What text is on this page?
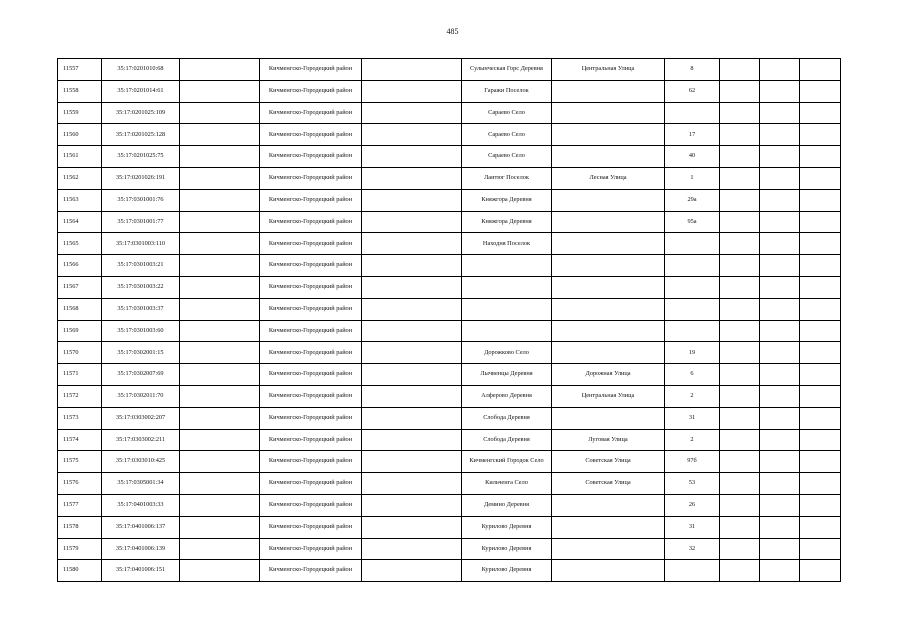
485
11557	35:17:0201010:68		Кичменгско-Городецкий район		Сулынческая Горс Деревня	Центральная Улица	8			
11558	35:17:0201014:61		Кичменгско-Городецкий район		Гаражи Поселок		62			
11559	35:17:0201025:109		Кичменгско-Городецкий район		Сараево Село					
11560	35:17:0201025:128		Кичменгско-Городецкий район		Сараево Село		17			
11561	35:17:0201025:75		Кичменгско-Городецкий район		Сараево Село		40			
11562	35:17:0201026:191		Кичменгско-Городецкий район		Лантюг Поселок	Лесная Улица	1			
11563	35:17:0301001:76		Кичменгско-Городецкий район		Княжгора Деревня		29а			
11564	35:17:0301001:77		Кичменгско-Городецкий район		Княжгора Деревня		95а			
11565	35:17:0301003:110		Кичменгско-Городецкий район		Находня Поселок					
11566	35:17:0301003:21		Кичменгско-Городецкий район							
11567	35:17:0301003:22		Кичменгско-Городецкий район							
11568	35:17:0301003:37		Кичменгско-Городецкий район							
11569	35:17:0301003:60		Кичменгско-Городецкий район							
11570	35:17:0302001:15		Кичменгско-Городецкий район		Дорожково Село		19			
11571	35:17:0302007:69		Кичменгско-Городецкий район		Лычвенцы Деревня	Дорожная Улица	6			
11572	35:17:0302011:70		Кичменгско-Городецкий район		Алферово Деревня	Центральная Улица	2			
11573	35:17:0303002:207		Кичменгско-Городецкий район		Слобода Деревня		31			
11574	35:17:0303002:211		Кичменгско-Городецкий район		Слобода Деревня	Луговая Улица	2			
11575	35:17:0303010:425		Кичменгско-Городецкий район		Кичменгский Городок Село	Советская Улица	97б			
11576	35:17:0305001:34		Кичменгско-Городецкий район		Кильченга Село	Советская Улица	53			
11577	35:17:0401003:33		Кичменгско-Городецкий район		Демино Деревня		26			
11578	35:17:0401006:137		Кичменгско-Городецкий район		Курилово Деревня		31			
11579	35:17:0401006:139		Кичменгско-Городецкий район		Курилово Деревня		32			
11580	35:17:0401006:151		Кичменгско-Городецкий район		Курилово Деревня					
